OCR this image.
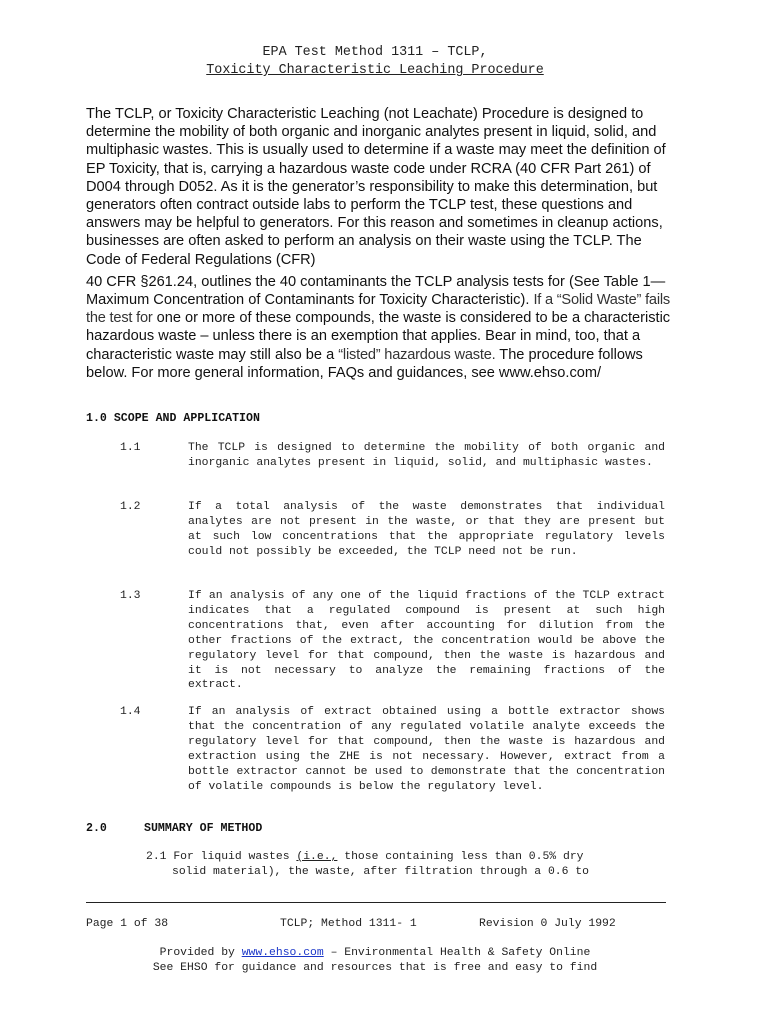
EPA Test Method 1311 – TCLP,
Toxicity Characteristic Leaching Procedure

The TCLP, or Toxicity Characteristic Leaching (not Leachate) Procedure is designed to determine the mobility of both organic and inorganic analytes present in liquid, solid, and multiphasic wastes. This is usually used to determine if a waste may meet the definition of EP Toxicity, that is, carrying a hazardous waste code under RCRA (40 CFR Part 261) of D004 through D052. As it is the generator’s responsibility to make this determination, but generators often contract outside labs to perform the TCLP test, these questions and answers may be helpful to generators. For this reason and sometimes in cleanup actions, businesses are often asked to perform an analysis on their waste using the TCLP. The Code of Federal Regulations (CFR)

40 CFR §261.24, outlines the 40 contaminants the TCLP analysis tests for (See Table 1—Maximum Concentration of Contaminants for Toxicity Characteristic). If a “Solid Waste” fails the test for one or more of these compounds, the waste is considered to be a characteristic hazardous waste – unless there is an exemption that applies. Bear in mind, too, that a characteristic waste may still also be a “listed” hazardous waste. The procedure follows below. For more general information, FAQs and guidances, see www.ehso.com/

1.0 SCOPE AND APPLICATION
1.1	The TCLP is designed to determine the mobility of both organic and inorganic analytes present in liquid, solid, and multiphasic wastes.
1.2	If a total analysis of the waste demonstrates that individual analytes are not present in the waste, or that they are present but at such low concentrations that the appropriate regulatory levels could not possibly be exceeded, the TCLP need not be run.
1.3	If an analysis of any one of the liquid fractions of the TCLP extract indicates that a regulated compound is present at such high concentrations that, even after accounting for dilution from the other fractions of the extract, the concentration would be above the regulatory level for that compound, then the waste is hazardous and it is not necessary to analyze the remaining fractions of the extract.
1.4	If an analysis of extract obtained using a bottle extractor shows that the concentration of any regulated volatile analyte exceeds the regulatory level for that compound, then the waste is hazardous and extraction using the ZHE is not necessary. However, extract from a bottle extractor cannot be used to demonstrate that the concentration of volatile compounds is below the regulatory level.
2.0	SUMMARY OF METHOD
2.1 For liquid wastes (i.e., those containing less than 0.5% dry
solid material), the waste, after filtration through a 0.6 to
Page 1 of 38	TCLP; Method 1311- 1	Revision 0 July 1992
Provided by www.ehso.com – Environmental Health & Safety Online
See EHSO for guidance and resources that is free and easy to find
